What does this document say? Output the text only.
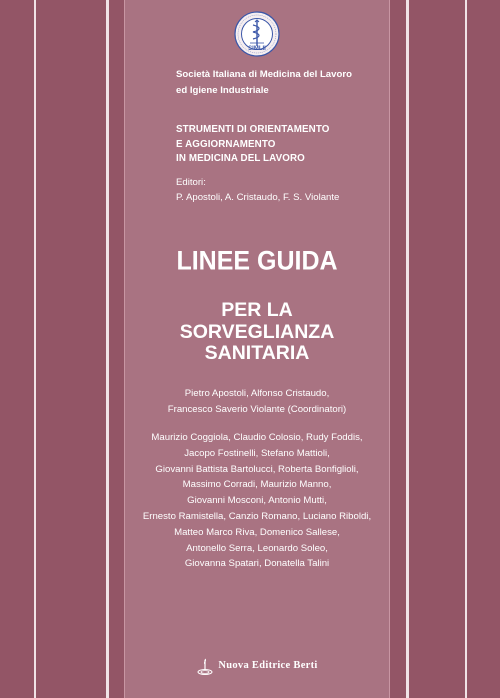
SIMLII
Società Italiana di Medicina del Lavoro
ed Igiene Industriale
STRUMENTI DI ORIENTAMENTO
E AGGIORNAMENTO
IN MEDICINA DEL LAVORO
Editori:
P. Apostoli, A. Cristaudo, F. S. Violante
LINEE GUIDA
PER LA
SORVEGLIANZA
SANITARIA
Pietro Apostoli, Alfonso Cristaudo,
Francesco Saverio Violante (Coordinatori)
Maurizio Coggiola, Claudio Colosio, Rudy Foddis,
Jacopo Fostinelli, Stefano Mattioli,
Giovanni Battista Bartolucci, Roberta Bonfiglioli,
Massimo Corradi, Maurizio Manno,
Giovanni Mosconi, Antonio Mutti,
Ernesto Ramistella, Canzio Romano, Luciano Riboldi,
Matteo Marco Riva, Domenico Sallese,
Antonello Serra, Leonardo Soleo,
Giovanna Spatari, Donatella Talini
Nuova Editrice Berti
